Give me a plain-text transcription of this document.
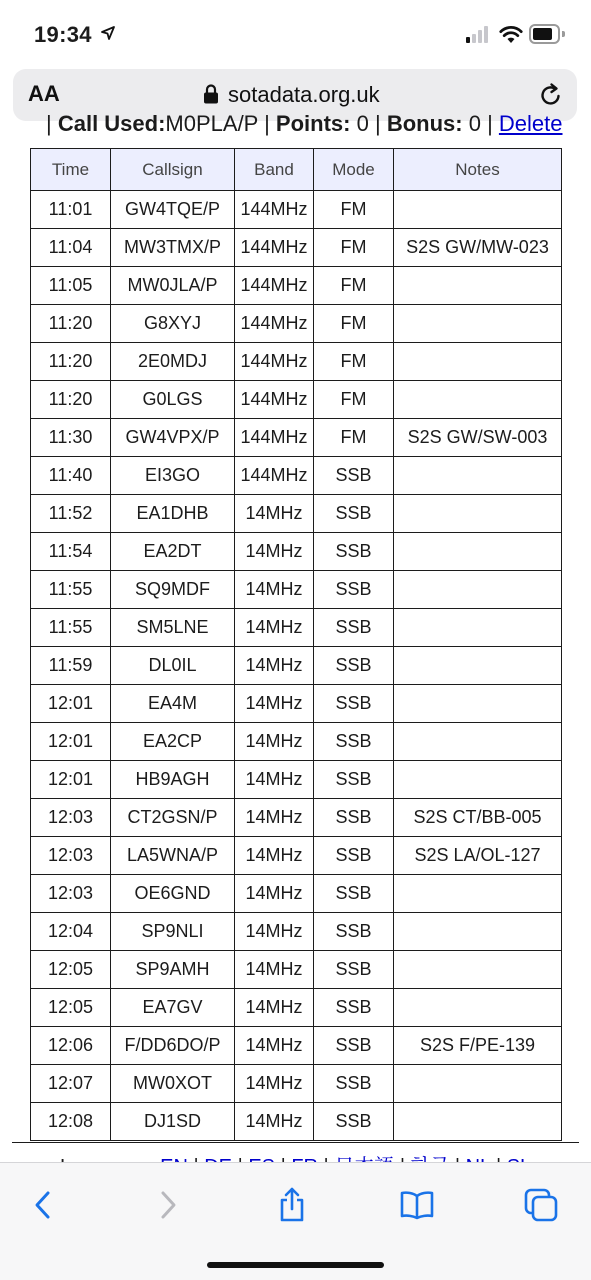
19:34
AA	sotadata.org.uk
| Call Used:M0PLA/P | Points: 0 | Bonus: 0 | Delete
Time	Callsign	Band	Mode	Notes
11:01	GW4TQE/P	144MHz	FM	
11:04	MW3TMX/P	144MHz	FM	S2S GW/MW-023
11:05	MW0JLA/P	144MHz	FM	
11:20	G8XYJ	144MHz	FM	
11:20	2E0MDJ	144MHz	FM	
11:20	G0LGS	144MHz	FM	
11:30	GW4VPX/P	144MHz	FM	S2S GW/SW-003
11:40	EI3GO	144MHz	SSB	
11:52	EA1DHB	14MHz	SSB	
11:54	EA2DT	14MHz	SSB	
11:55	SQ9MDF	14MHz	SSB	
11:55	SM5LNE	14MHz	SSB	
11:59	DL0IL	14MHz	SSB	
12:01	EA4M	14MHz	SSB	
12:01	EA2CP	14MHz	SSB	
12:01	HB9AGH	14MHz	SSB	
12:03	CT2GSN/P	14MHz	SSB	S2S CT/BB-005
12:03	LA5WNA/P	14MHz	SSB	S2S LA/OL-127
12:03	OE6GND	14MHz	SSB	
12:04	SP9NLI	14MHz	SSB	
12:05	SP9AMH	14MHz	SSB	
12:05	EA7GV	14MHz	SSB	
12:06	F/DD6DO/P	14MHz	SSB	S2S F/PE-139
12:07	MW0XOT	14MHz	SSB	
12:08	DJ1SD	14MHz	SSB	
